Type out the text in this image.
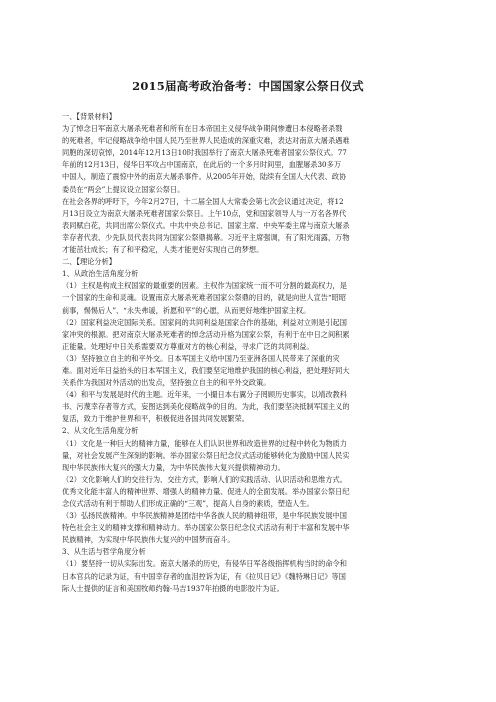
2015届高考政治备考：中国国家公祭日仪式
一、【背景材料】
为了悼念日军南京大屠杀死难者和所有在日本帝国主义侵华战争期间惨遭日本侵略者杀戮
的死难者，牢记侵略战争给中国人民乃至世界人民造成的深重灾难，表达对南京大屠杀遇难
同胞的深切哀悼，2014年12月13日10时我国举行了南京大屠杀死难者国家公祭仪式。77
年前的12月13日，侵华日军攻占中国南京，在此后的一个多月时间里，血腥屠杀30多万
中国人，制造了震惊中外的南京大屠杀事件。从2005年开始，陆续有全国人大代表、政协
委员在“两会”上提议设立国家公祭日。
在社会各界的呼吁下，今年2月27日，十二届全国人大常委会第七次会议通过决定，将12
月13日设立为南京大屠杀死难者国家公祭日。上午10点，党和国家领导人与一万名各界代
表同赋白花，共同出席公祭仪式。中共中央总书记、国家主席、中央军委主席与南京大屠杀
幸存者代表、少先队员代表共同为国家公祭鼎揭幕。习近平主席强调，有了阳光雨露，万物
才能茁壮成长；有了和平稳定，人类才能更好实现自己的梦想。
二、【理论分析】
1、从政治生活角度分析
（1）主权是构成主权国家的最重要的因素。主权作为国家统一而不可分割的最高权力，是
一个国家的生命和灵魂。设置南京大屠杀死难者国家公祭鼎的目的，就是向世人宣告“昭昭
前事，惕惕后人”、“永失弗谖，祈愿和平”的心愿，从而更好地维护国家主权。
（2）国家利益决定国际关系。国家间的共同利益是国家合作的基础，利益对立则是引起国
家冲突的根源。把对南京大屠杀死难者的悼念活动升格为国家公祭，有利于在中日之间积累
正能量。处理好中日关系需要双方尊重对方的核心利益，寻求广泛的共同利益。
（3）坚持独立自主的和平外交。日本军国主义给中国乃至亚洲各国人民带来了深重的灾
难。面对近年日益抬头的日本军国主义，我们要坚定地维护我国的核心利益，把处理好同大
关系作为我国对外活动的出发点，坚持独立自主的和平外交政策。
（4）和平与发展是时代的主题。近年来，一小撮日本右翼分子罔顾历史事实，以靖改教科
书、污蔑幸存者等方式，妄图达到美化侵略战争的目的。为此，我们要坚决抵制军国主义的
复活，致力于维护世界和平，积极促进各国共同发展繁荣。
2、从文化生活角度分析
（1）文化是一种巨大的精神力量，能够在人们认识世界和改造世界的过程中转化为物质力
量，对社会发展产生深刻的影响。举办国家公祭日纪念仪式活动能够转化为激励中国人民实
现中华民族伟大复兴的强大力量，为中华民族伟大复兴提供精神动力。
（2）文化影响人们的交往行为、交往方式，影响人们的实践活动、认识活动和思维方式。
优秀文化能丰富人的精神世界、增强人的精神力量、促进人的全面发展。举办国家公祭日纪
念仪式活动有利于帮助人们形成正确的“三观”，提高人自身的素质，塑造人生。
（3）弘扬民族精神。中华民族精神是团结中华各族人民的精神纽带，是中华民族发展中国
特色社会主义的精神支撑和精神动力。举办国家公祭日纪念仪式活动有利于丰富和发展中华
民族精神，为实现中华民族伟大复兴的中国梦而奋斗。
3、从生活与哲学角度分析
（1）要坚持一切从实际出发。南京大屠杀的历史，有侵华日军各级指挥机构当时的命令和
日本官兵的记录为证，有中国幸存者的血泪控诉为证，有《拉贝日记》《魏特琳日记》等国
际人士提供的证言和美国牧师约翰·马吉1937年拍摄的电影胶片为证。
